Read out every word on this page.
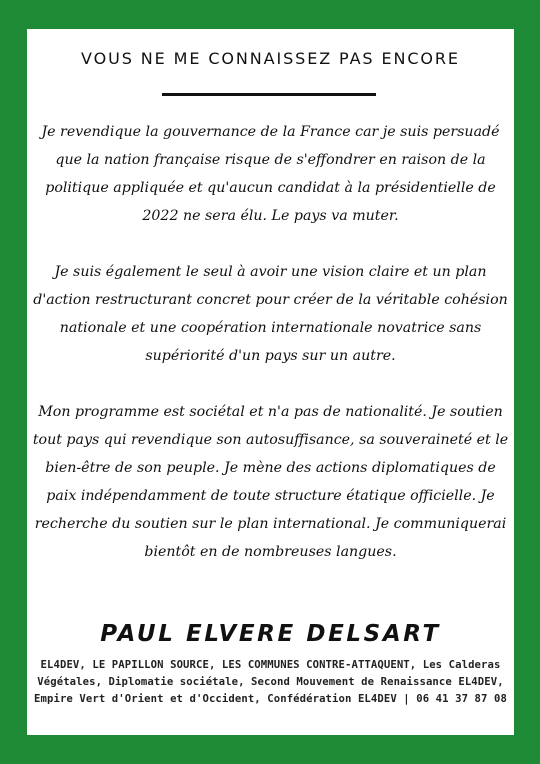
VOUS NE ME CONNAISSEZ PAS ENCORE

Je revendique la gouvernance de la France car je suis persuadé que la nation française risque de s'effondrer en raison de la politique appliquée et qu'aucun candidat à la présidentielle de 2022 ne sera élu. Le pays va muter.

Je suis également le seul à avoir une vision claire et un plan d'action restructurant concret pour créer de la véritable cohésion nationale et une coopération internationale novatrice sans supériorité d'un pays sur un autre.

Mon programme est sociétal et n'a pas de nationalité. Je soutien tout pays qui revendique son autosuffisance, sa souveraineté et le bien-être de son peuple. Je mène des actions diplomatiques de paix indépendamment de toute structure étatique officielle. Je recherche du soutien sur le plan international. Je communiquerai bientôt en de nombreuses langues.

PAUL ELVERE DELSART
EL4DEV, LE PAPILLON SOURCE, LES COMMUNES CONTRE-ATTAQUENT, Les Calderas Végétales, Diplomatie sociétale, Second Mouvement de Renaissance EL4DEV, Empire Vert d'Orient et d'Occident, Confédération EL4DEV | 06 41 37 87 08
